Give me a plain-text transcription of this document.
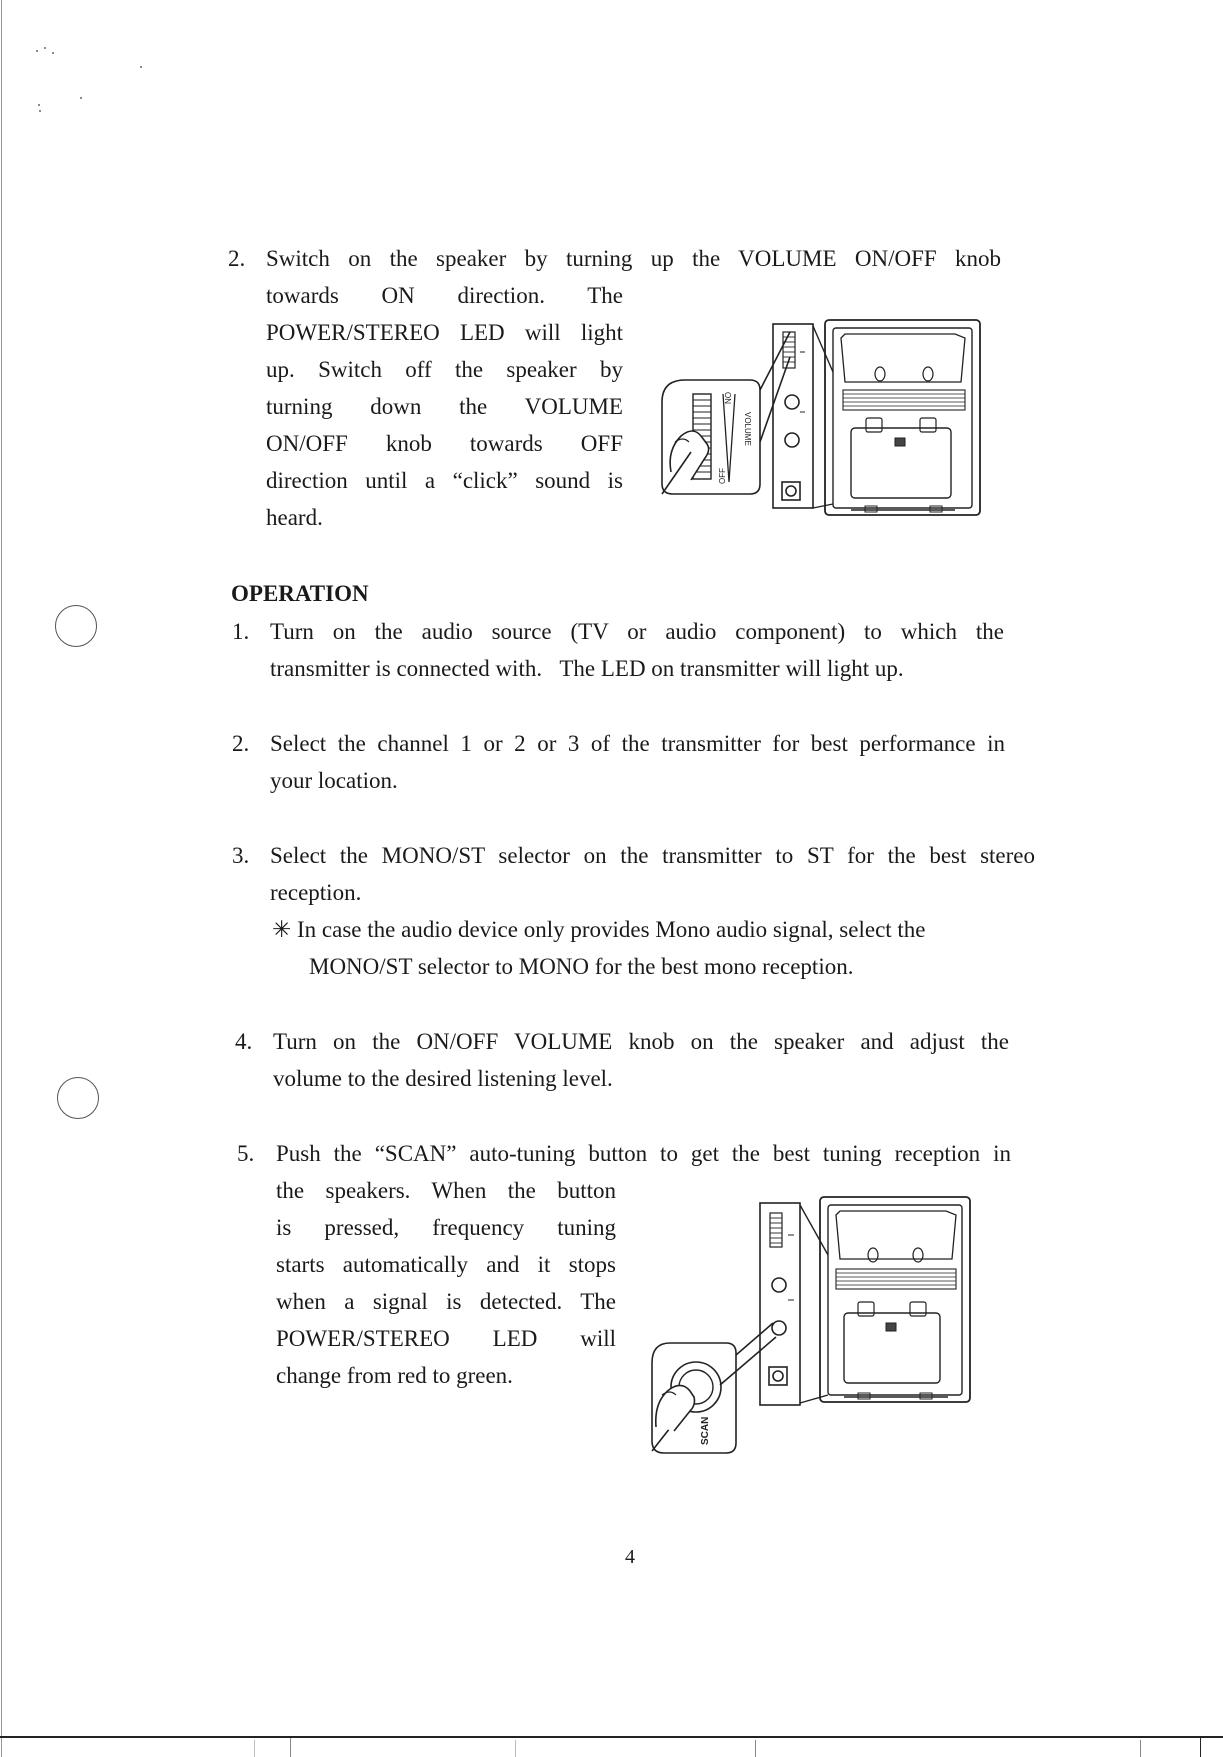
2. Switch on the speaker by turning up the VOLUME ON/OFF knob
towards ON direction. The
POWER/STEREO LED will light
up. Switch off the speaker by
turning down the VOLUME
ON/OFF knob towards OFF
direction until a “click” sound is
heard.
ON
VOLUME
OFF
OPERATION
1. Turn on the audio source (TV or audio component) to which the
transmitter is connected with.   The LED on transmitter will light up.
2. Select the channel 1 or 2 or 3 of the transmitter for best performance in
your location.
3. Select the MONO/ST selector on the transmitter to ST for the best stereo
reception.
✳ In case the audio device only provides Mono audio signal, select the
MONO/ST selector to MONO for the best mono reception.
4. Turn on the ON/OFF VOLUME knob on the speaker and adjust the
volume to the desired listening level.
5. Push the “SCAN” auto-tuning button to get the best tuning reception in
the speakers. When the button
is pressed, frequency tuning
starts automatically and it stops
when a signal is detected. The
POWER/STEREO LED will
change from red to green.
SCAN
4
